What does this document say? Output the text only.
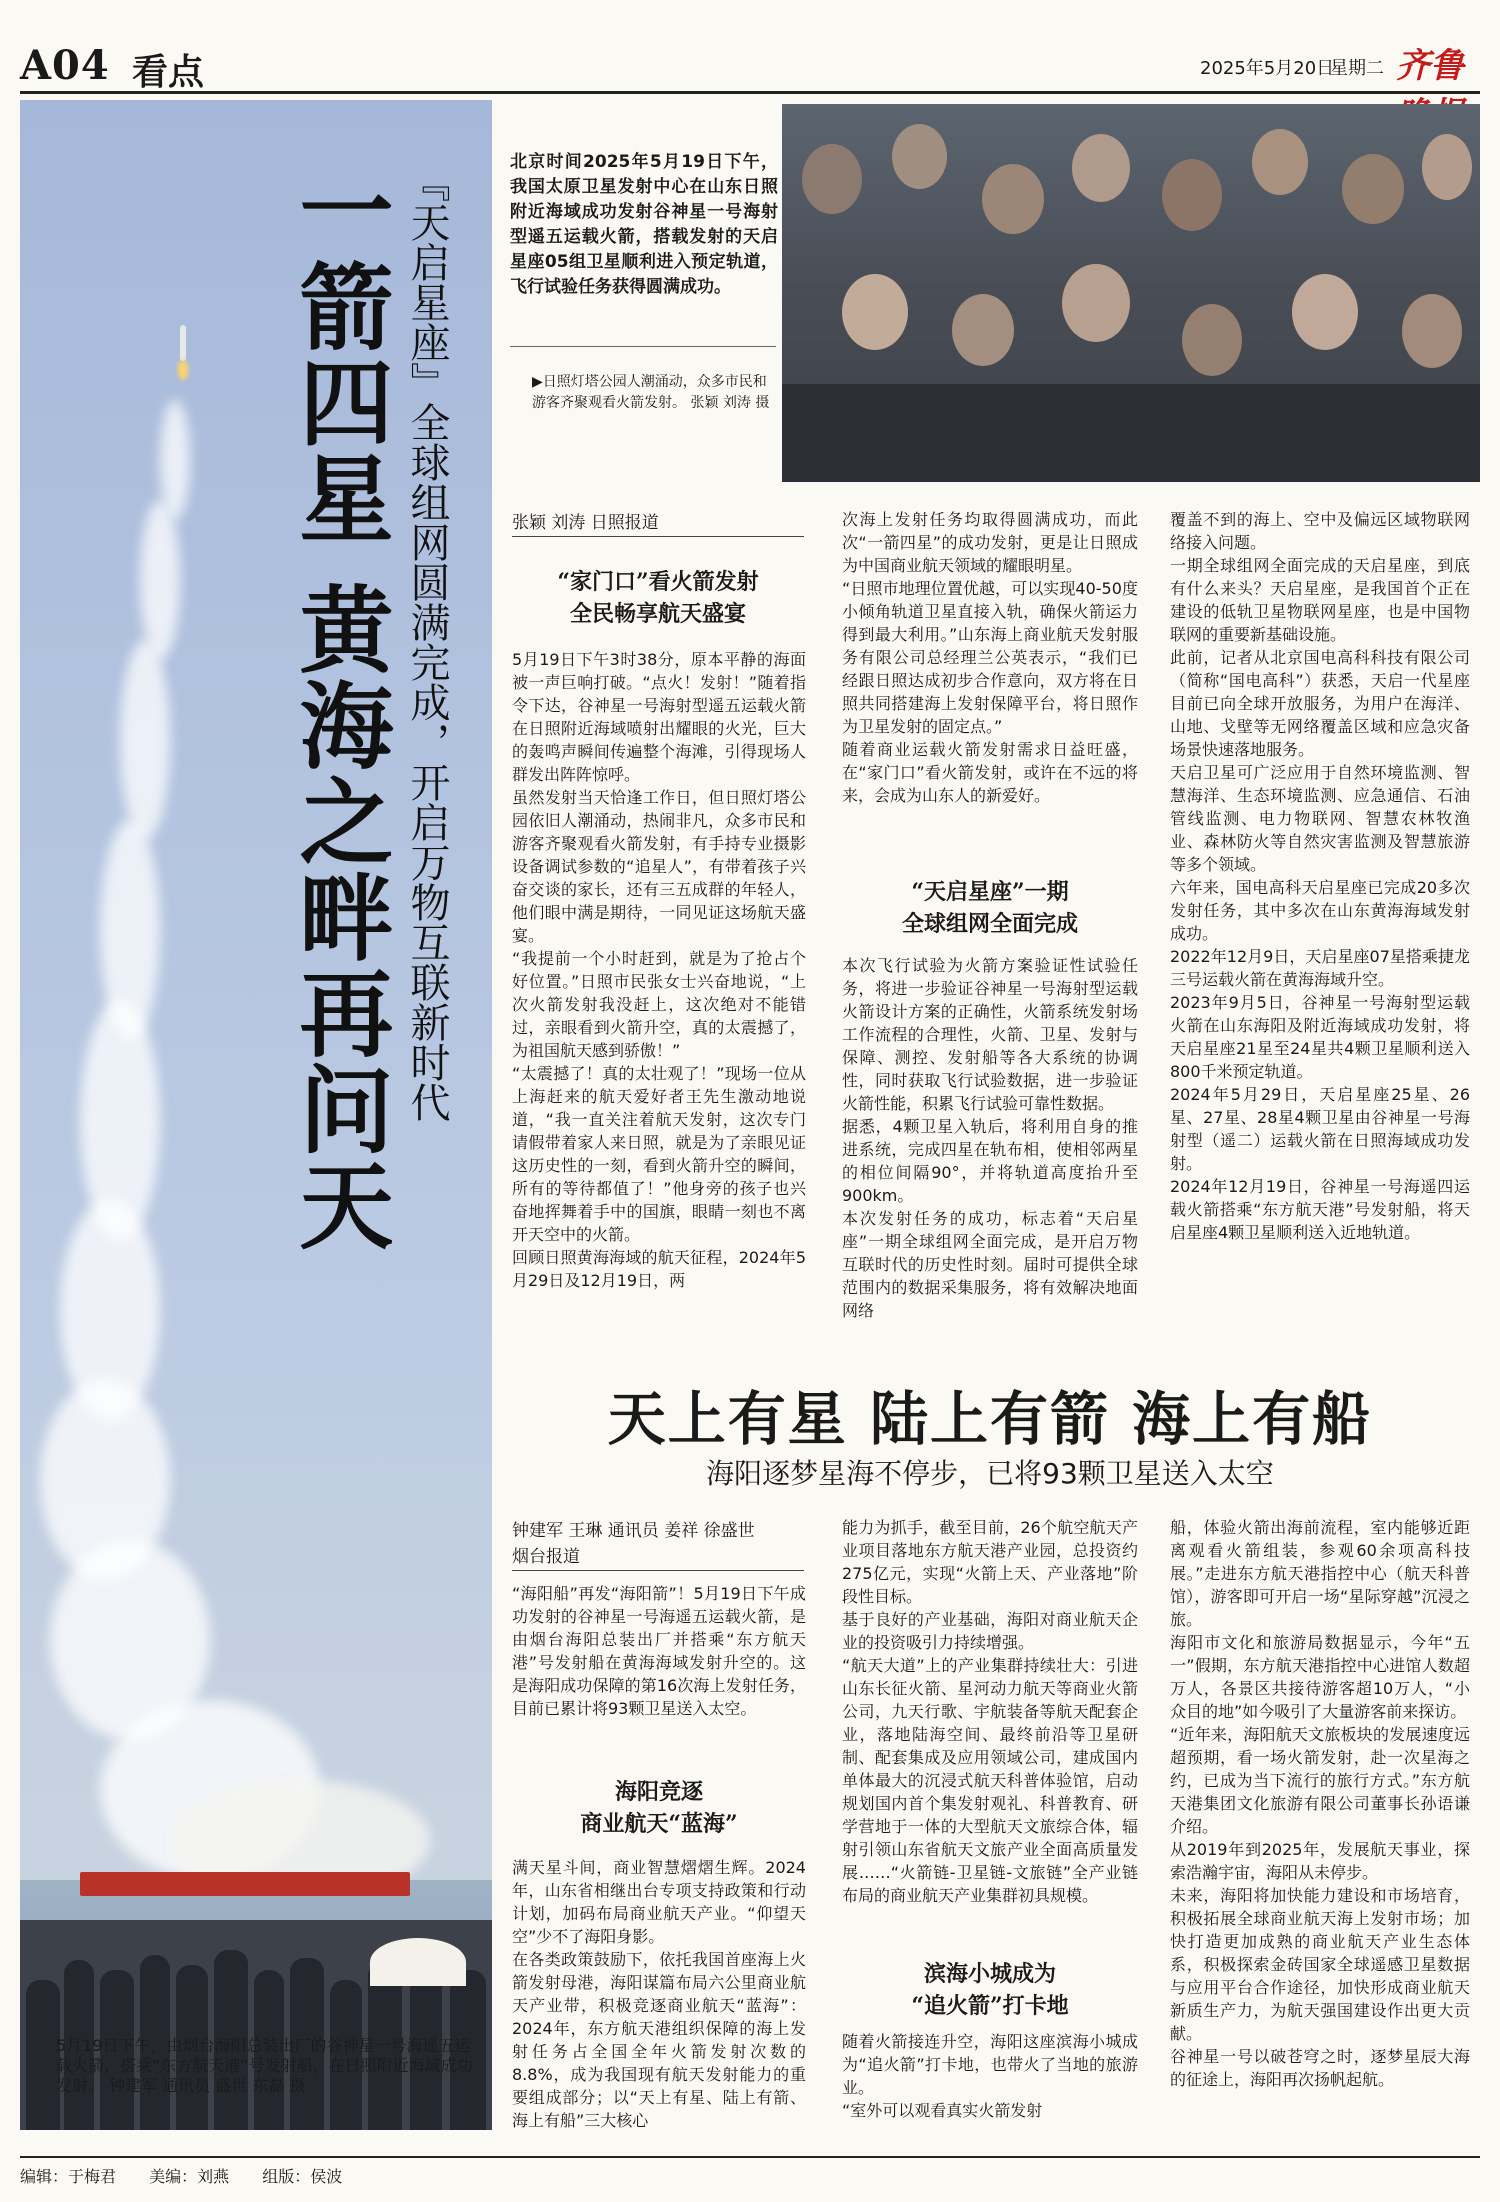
A04 看点	2025年5月20日
星期二 齐鲁
5月19日下午，由烟台海阳总装出厂的谷神星一号海遥五运载火箭，搭乘“东方航天港”号发射船，在日照附近海域成功发射。 钟建军 通讯员 盛世 东磊 摄
『天启星座』全球组网圆满完成，开启万物互联新时代
一箭四星 黄海之畔再问天	北京时间2025年5月19日下午，我国太原卫星发射中心在山东日照附近海域成功发射谷神星一号海射型遥五运载火箭，搭载发射的天启星座05组卫星顺利进入预定轨道，飞行试验任务获得圆满成功。
▶日照灯塔公园人潮涌动，众多市民和游客齐聚观看火箭发射。 张颖 刘涛 摄
张颖 刘涛 日照报道
“家门口”看火箭发射
全民畅享航天盛宴
5月19日下午3时38分，原本平静的海面被一声巨响打破。“点火！发射！”随着指令下达，谷神星一号海射型遥五运载火箭在日照附近海域喷射出耀眼的火光，巨大的轰鸣声瞬间传遍整个海滩，引得现场人群发出阵阵惊呼。
虽然发射当天恰逢工作日，但日照灯塔公园依旧人潮涌动，热闹非凡，众多市民和游客齐聚观看火箭发射，有手持专业摄影设备调试参数的“追星人”，有带着孩子兴奋交谈的家长，还有三五成群的年轻人，他们眼中满是期待，一同见证这场航天盛宴。
“我提前一个小时赶到，就是为了抢占个好位置。”日照市民张女士兴奋地说，“上次火箭发射我没赶上，这次绝对不能错过，亲眼看到火箭升空，真的太震撼了，为祖国航天感到骄傲！”
“太震撼了！真的太壮观了！”现场一位从上海赶来的航天爱好者王先生激动地说道，“我一直关注着航天发射，这次专门请假带着家人来日照，就是为了亲眼见证这历史性的一刻，看到火箭升空的瞬间，所有的等待都值了！”他身旁的孩子也兴奋地挥舞着手中的国旗，眼睛一刻也不离开天空中的火箭。
回顾日照黄海海域的航天征程，2024年5月29日及12月19日，两
次海上发射任务均取得圆满成功，而此次“一箭四星”的成功发射，更是让日照成为中国商业航天领域的耀眼明星。
“日照市地理位置优越，可以实现40-50度小倾角轨道卫星直接入轨，确保火箭运力得到最大利用。”山东海上商业航天发射服务有限公司总经理兰公英表示，“我们已经跟日照达成初步合作意向，双方将在日照共同搭建海上发射保障平台，将日照作为卫星发射的固定点。”
随着商业运载火箭发射需求日益旺盛，在“家门口”看火箭发射，或许在不远的将来，会成为山东人的新爱好。
“天启星座”一期
全球组网全面完成
本次飞行试验为火箭方案验证性试验任务，将进一步验证谷神星一号海射型运载火箭设计方案的正确性，火箭系统发射场工作流程的合理性，火箭、卫星、发射与保障、测控、发射船等各大系统的协调性，同时获取飞行试验数据，进一步验证火箭性能，积累飞行试验可靠性数据。
据悉，4颗卫星入轨后，将利用自身的推进系统，完成四星在轨布相，使相邻两星的相位间隔90°，并将轨道高度抬升至900km。
本次发射任务的成功，标志着“天启星座”一期全球组网全面完成，是开启万物互联时代的历史性时刻。届时可提供全球范围内的数据采集服务，将有效解决地面网络
覆盖不到的海上、空中及偏远区域物联网络接入问题。
一期全球组网全面完成的天启星座，到底有什么来头？天启星座，是我国首个正在建设的低轨卫星物联网星座，也是中国物联网的重要新基础设施。
此前，记者从北京国电高科科技有限公司（简称“国电高科”）获悉，天启一代星座目前已向全球开放服务，为用户在海洋、山地、戈壁等无网络覆盖区域和应急灾备场景快速落地服务。
天启卫星可广泛应用于自然环境监测、智慧海洋、生态环境监测、应急通信、石油管线监测、电力物联网、智慧农林牧渔业、森林防火等自然灾害监测及智慧旅游等多个领域。
六年来，国电高科天启星座已完成20多次发射任务，其中多次在山东黄海海域发射成功。
2022年12月9日，天启星座07星搭乘捷龙三号运载火箭在黄海海域升空。
2023年9月5日，谷神星一号海射型运载火箭在山东海阳及附近海域成功发射，将天启星座21星至24星共4颗卫星顺利送入800千米预定轨道。
2024年5月29日，天启星座25星、26星、27星、28星4颗卫星由谷神星一号海射型（遥二）运载火箭在日照海域成功发射。
2024年12月19日，谷神星一号海遥四运载火箭搭乘“东方航天港”号发射船，将天启星座4颗卫星顺利送入近地轨道。
天上有星 陆上有箭 海上有船
海阳逐梦星海不停步，已将93颗卫星送入太空
钟建军 王琳 通讯员 姜祥 徐盛世
烟台报道
“海阳船”再发“海阳箭”！5月19日下午成功发射的谷神星一号海遥五运载火箭，是由烟台海阳总装出厂并搭乘“东方航天港”号发射船在黄海海域发射升空的。这是海阳成功保障的第16次海上发射任务，目前已累计将93颗卫星送入太空。
海阳竞逐
商业航天“蓝海”
满天星斗间，商业智慧熠熠生辉。2024年，山东省相继出台专项支持政策和行动计划，加码布局商业航天产业。“仰望天空”少不了海阳身影。
在各类政策鼓励下，依托我国首座海上火箭发射母港，海阳谋篇布局六公里商业航天产业带，积极竞逐商业航天“蓝海”：2024年，东方航天港组织保障的海上发射任务占全国全年火箭发射次数的8.8%，成为我国现有航天发射能力的重要组成部分；以“天上有星、陆上有箭、海上有船”三大核心
能力为抓手，截至目前，26个航空航天产业项目落地东方航天港产业园，总投资约275亿元，实现“火箭上天、产业落地”阶段性目标。
基于良好的产业基础，海阳对商业航天企业的投资吸引力持续增强。
“航天大道”上的产业集群持续壮大：引进山东长征火箭、星河动力航天等商业火箭公司，九天行歌、宇航装备等航天配套企业，落地陆海空间、最终前沿等卫星研制、配套集成及应用领域公司，建成国内单体最大的沉浸式航天科普体验馆，启动规划国内首个集发射观礼、科普教育、研学营地于一体的大型航天文旅综合体，辐射引领山东省航天文旅产业全面高质量发展……“火箭链-卫星链-文旅链”全产业链布局的商业航天产业集群初具规模。
滨海小城成为
“追火箭”打卡地
随着火箭接连升空，海阳这座滨海小城成为“追火箭”打卡地，也带火了当地的旅游业。
“室外可以观看真实火箭发射
船，体验火箭出海前流程，室内能够近距离观看火箭组装，参观60余项高科技展。”走进东方航天港指控中心（航天科普馆），游客即可开启一场“星际穿越”沉浸之旅。
海阳市文化和旅游局数据显示，今年“五一”假期，东方航天港指控中心进馆人数超万人，各景区共接待游客超10万人，“小众目的地”如今吸引了大量游客前来探访。
“近年来，海阳航天文旅板块的发展速度远超预期，看一场火箭发射，赴一次星海之约，已成为当下流行的旅行方式。”东方航天港集团文化旅游有限公司董事长孙语谦介绍。
从2019年到2025年，发展航天事业，探索浩瀚宇宙，海阳从未停步。
未来，海阳将加快能力建设和市场培育，积极拓展全球商业航天海上发射市场；加快打造更加成熟的商业航天产业生态体系，积极探索金砖国家全球遥感卫星数据与应用平台合作途径，加快形成商业航天新质生产力，为航天强国建设作出更大贡献。
谷神星一号以破苍穹之时，逐梦星辰大海的征途上，海阳再次扬帆起航。
编辑：于梅君 美编：刘燕 组版：侯波
